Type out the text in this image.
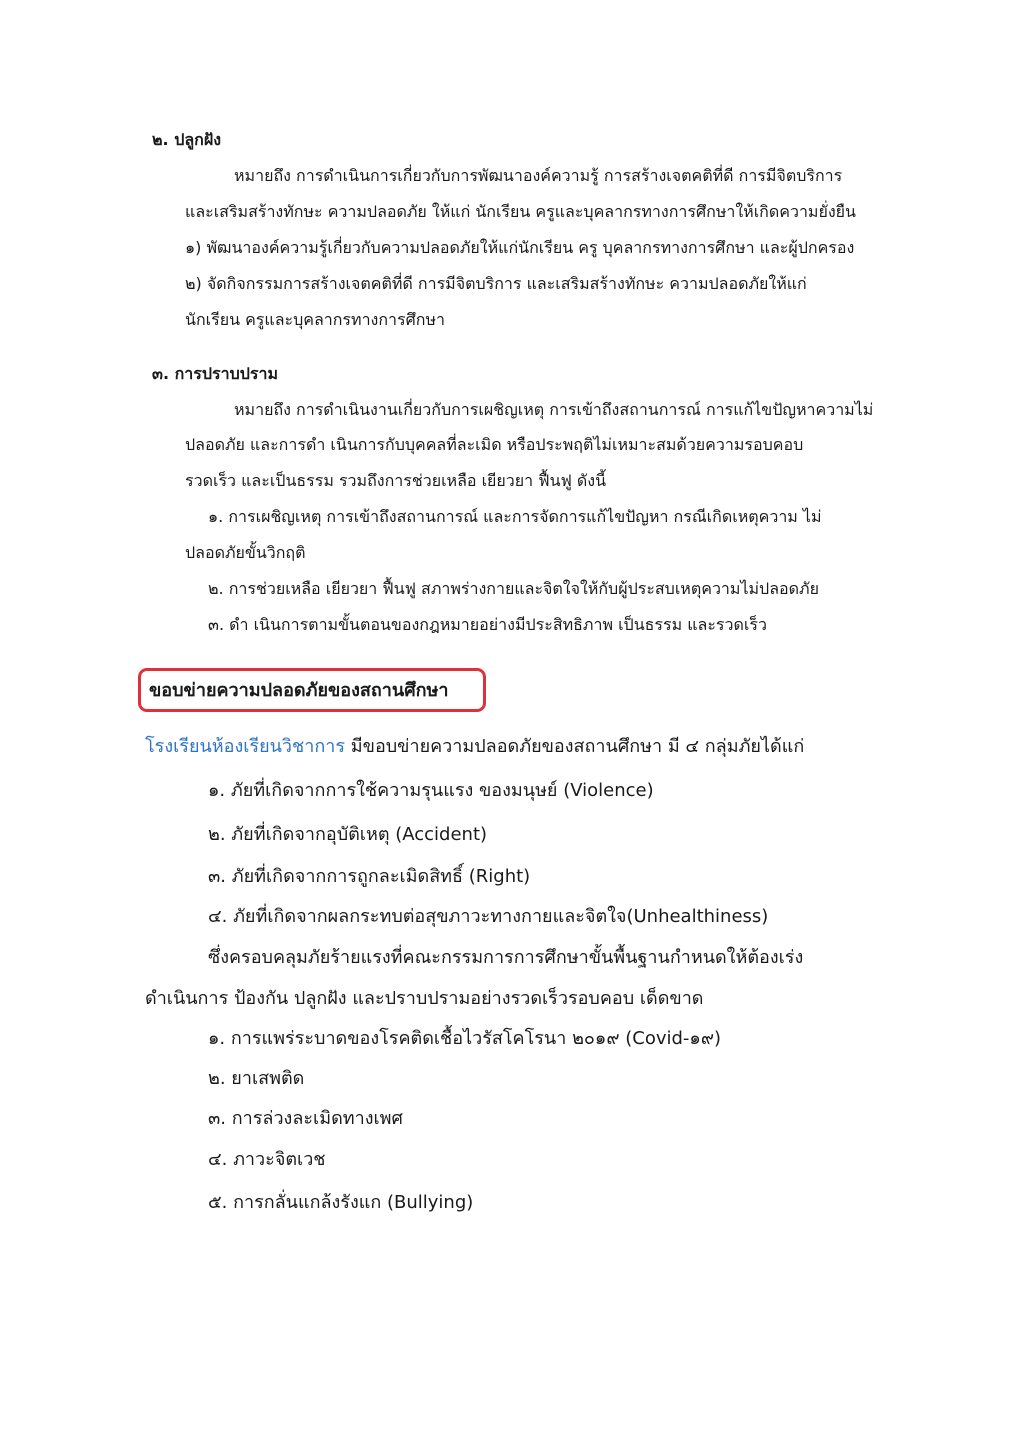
๒. ปลูกฝัง
หมายถึง การดำเนินการเกี่ยวกับการพัฒนาองค์ความรู้ การสร้างเจตคติที่ดี การมีจิตบริการ
และเสริมสร้างทักษะ ความปลอดภัย ให้แก่ นักเรียน ครูและบุคลากรทางการศึกษาให้เกิดความยั่งยืน
๑) พัฒนาองค์ความรู้เกี่ยวกับความปลอดภัยให้แก่นักเรียน ครู บุคลากรทางการศึกษา และผู้ปกครอง
๒) จัดกิจกรรมการสร้างเจตคติที่ดี การมีจิตบริการ และเสริมสร้างทักษะ ความปลอดภัยให้แก่
นักเรียน ครูและบุคลากรทางการศึกษา
๓. การปราบปราม
หมายถึง การดำเนินงานเกี่ยวกับการเผชิญเหตุ การเข้าถึงสถานการณ์ การแก้ไขปัญหาความไม่
ปลอดภัย และการดำ เนินการกับบุคคลที่ละเมิด หรือประพฤติไม่เหมาะสมด้วยความรอบคอบ
รวดเร็ว และเป็นธรรม รวมถึงการช่วยเหลือ เยียวยา ฟื้นฟู ดังนี้
๑. การเผชิญเหตุ การเข้าถึงสถานการณ์ และการจัดการแก้ไขปัญหา กรณีเกิดเหตุความ ไม่
ปลอดภัยขั้นวิกฤติ
๒. การช่วยเหลือ เยียวยา ฟื้นฟู สภาพร่างกายและจิตใจให้กับผู้ประสบเหตุความไม่ปลอดภัย
๓. ดำ เนินการตามขั้นตอนของกฎหมายอย่างมีประสิทธิภาพ เป็นธรรม และรวดเร็ว
ขอบข่ายความปลอดภัยของสถานศึกษา
โรงเรียนห้องเรียนวิชาการ มีขอบข่ายความปลอดภัยของสถานศึกษา มี ๔ กลุ่มภัยได้แก่
๑. ภัยที่เกิดจากการใช้ความรุนแรง ของมนุษย์ (Violence)
๒. ภัยที่เกิดจากอุบัติเหตุ (Accident)
๓. ภัยที่เกิดจากการถูกละเมิดสิทธิ์ (Right)
๔. ภัยที่เกิดจากผลกระทบต่อสุขภาวะทางกายและจิตใจ(Unhealthiness)
ซึ่งครอบคลุมภัยร้ายแรงที่คณะกรรมการการศึกษาขั้นพื้นฐานกำหนดให้ต้องเร่ง
ดำเนินการ ป้องกัน ปลูกฝัง และปราบปรามอย่างรวดเร็วรอบคอบ เด็ดขาด
๑. การแพร่ระบาดของโรคติดเชื้อไวรัสโคโรนา ๒๐๑๙ (Covid-๑๙)
๒. ยาเสพติด
๓. การล่วงละเมิดทางเพศ
๔. ภาวะจิตเวช
๕. การกลั่นแกล้งรังแก (Bullying)
